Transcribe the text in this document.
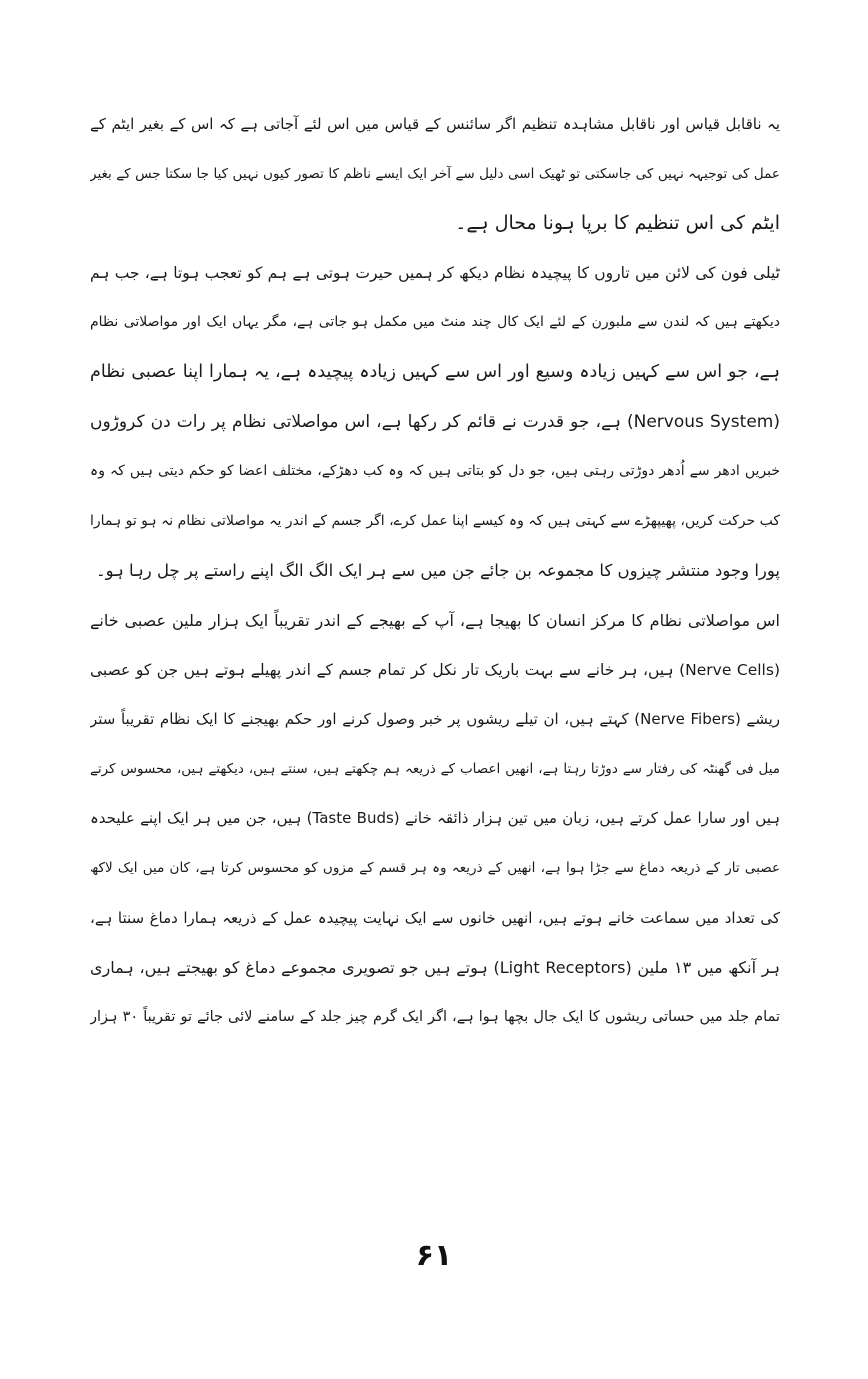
یہ ناقابل قیاس اور ناقابل مشاہدہ تنظیم اگر سائنس کے قیاس میں اس لئے آجاتی ہے کہ اس کے بغیر ایٹم کے
عمل کی توجیہہ نہیں کی جاسکتی تو ٹھیک اسی دلیل سے آخر ایک ایسے ناظم کا تصور کیوں نہیں کیا جا سکتا جس کے بغیر
ایٹم کی اس تنظیم کا برپا ہونا محال ہے۔
ٹیلی فون کی لائن میں تاروں کا پیچیدہ نظام دیکھ کر ہمیں حیرت ہوتی ہے ہم کو تعجب ہوتا ہے، جب ہم
دیکھتے ہیں کہ لندن سے ملبورن کے لئے ایک کال چند منٹ میں مکمل ہو جاتی ہے، مگر یہاں ایک اور مواصلاتی نظام
ہے، جو اس سے کہیں زیادہ وسیع اور اس سے کہیں زیادہ پیچیدہ ہے، یہ ہمارا اپنا عصبی نظام
(Nervous System) ہے، جو قدرت نے قائم کر رکھا ہے، اس مواصلاتی نظام پر رات دن کروڑوں
خبریں ادھر سے اُدھر دوڑتی رہتی ہیں، جو دل کو بتاتی ہیں کہ وہ کب دھڑکے، مختلف اعضا کو حکم دیتی ہیں کہ وہ
کب حرکت کریں، پھیپھڑے سے کہتی ہیں کہ وہ کیسے اپنا عمل کرے، اگر جسم کے اندر یہ مواصلاتی نظام نہ ہو تو ہمارا
پورا وجود منتشر چیزوں کا مجموعہ بن جائے جن میں سے ہر ایک الگ الگ اپنے راستے پر چل رہا ہو۔
اس مواصلاتی نظام کا مرکز انسان کا بھیجا ہے، آپ کے بھیجے کے اندر تقریباً ایک ہزار ملین عصبی خانے
(Nerve Cells) ہیں، ہر خانے سے بہت باریک تار نکل کر تمام جسم کے اندر پھیلے ہوتے ہیں جن کو عصبی
ریشے (Nerve Fibers) کہتے ہیں، ان تیلے ریشوں پر خبر وصول کرنے اور حکم بھیجنے کا ایک نظام تقریباً ستر
میل فی گھنٹہ کی رفتار سے دوڑتا رہتا ہے، انھیں اعصاب کے ذریعہ ہم چکھتے ہیں، سنتے ہیں، دیکھتے ہیں، محسوس کرتے
ہیں اور سارا عمل کرتے ہیں، زبان میں تین ہزار ذائقہ خانے (Taste Buds) ہیں، جن میں ہر ایک اپنے علیحدہ
عصبی تار کے ذریعہ دماغ سے جڑا ہوا ہے، انھیں کے ذریعہ وہ ہر قسم کے مزوں کو محسوس کرتا ہے، کان میں ایک لاکھ
کی تعداد میں سماعت خانے ہوتے ہیں، انھیں خانوں سے ایک نہایت پیچیدہ عمل کے ذریعہ ہمارا دماغ سنتا ہے،
ہر آنکھ میں ۱۳ ملین (Light Receptors) ہوتے ہیں جو تصویری مجموعے دماغ کو بھیجتے ہیں، ہماری
تمام جلد میں حساتی ریشوں کا ایک جال بچھا ہوا ہے، اگر ایک گرم چیز جلد کے سامنے لائی جائے تو تقریباً ۳۰ ہزار
۶۱
